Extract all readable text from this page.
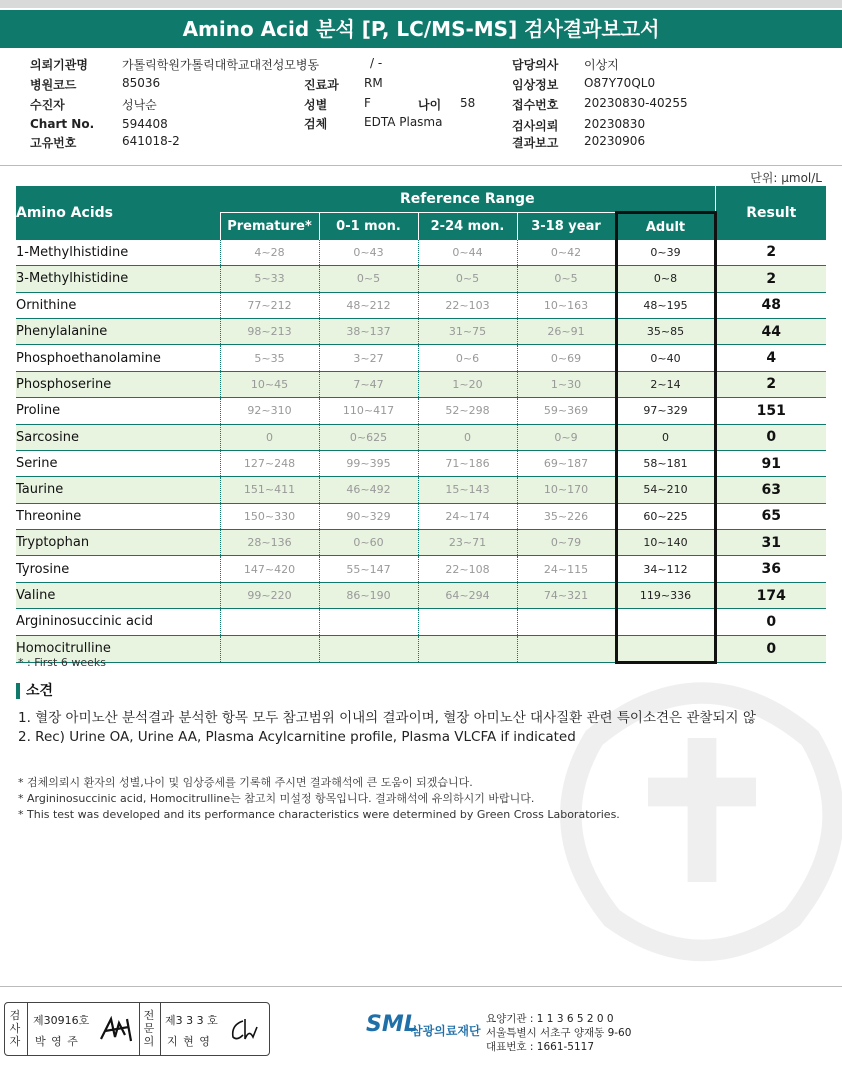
Amino Acid 분석 [P, LC/MS-MS] 검사결과보고서
의뢰기관명	가톨릭학원가톨릭대학교대전성모병동	/ -
병원코드	85036	진료과 RM
수진자	성낙순	성별	F	나이 58
Chart No. 594408	검체	EDTA Plasma
고유번호	641018-2
담당의사 이상지
임상정보 O87Y70QL0
접수번호 20230830-40255
검사의뢰 20230830
결과보고 20230906
단위: μmol/L
Amino Acids	Reference Range					Result
	Premature*	0-1 mon.	2-24 mon.	3-18 year	Adult	
1-Methylhistidine	4~28	0~43	0~44	0~42	0~39	2
3-Methylhistidine	5~33	0~5	0~5	0~5	0~8	2
Ornithine	77~212	48~212	22~103	10~163	48~195	48
Phenylalanine	98~213	38~137	31~75	26~91	35~85	44
Phosphoethanolamine	5~35	3~27	0~6	0~69	0~40	4
Phosphoserine	10~45	7~47	1~20	1~30	2~14	2
Proline	92~310	110~417	52~298	59~369	97~329	151
Sarcosine	0	0~625	0	0~9	0	0
Serine	127~248	99~395	71~186	69~187	58~181	91
Taurine	151~411	46~492	15~143	10~170	54~210	63
Threonine	150~330	90~329	24~174	35~226	60~225	65
Tryptophan	28~136	0~60	23~71	0~79	10~140	31
Tyrosine	147~420	55~147	22~108	24~115	34~112	36
Valine	99~220	86~190	64~294	74~321	119~336	174
Argininosuccinic acid						0
Homocitrulline						0
* : First 6 weeks
소견
1. 혈장 아미노산 분석결과 분석한 항목 모두 참고범위 이내의 결과이며, 혈장 아미노산 대사질환 관련 특이소견은 관찰되지 않
2. Rec) Urine OA, Urine AA, Plasma Acylcarnitine profile, Plasma VLCFA if indicated
* 검체의뢰시 환자의 성별,나이 및 임상증세를 기록해 주시면 결과해석에 큰 도움이 되겠습니다.
* Argininosuccinic acid, Homocitrulline는 참고치 미설정 항목입니다. 결과해석에 유의하시기 바랍니다.
* This test was developed and its performance characteristics were determined by Green Cross Laboratories.
검
사
자
제30916호
박 영 주
전
문
의
제3 3 3 호
지 현 영
SML
삼광의료재단
요양기관 : 1 1 3 6 5 2 0 0
서울특별시 서초구 양재동 9-60
대표번호 : 1661-5117
